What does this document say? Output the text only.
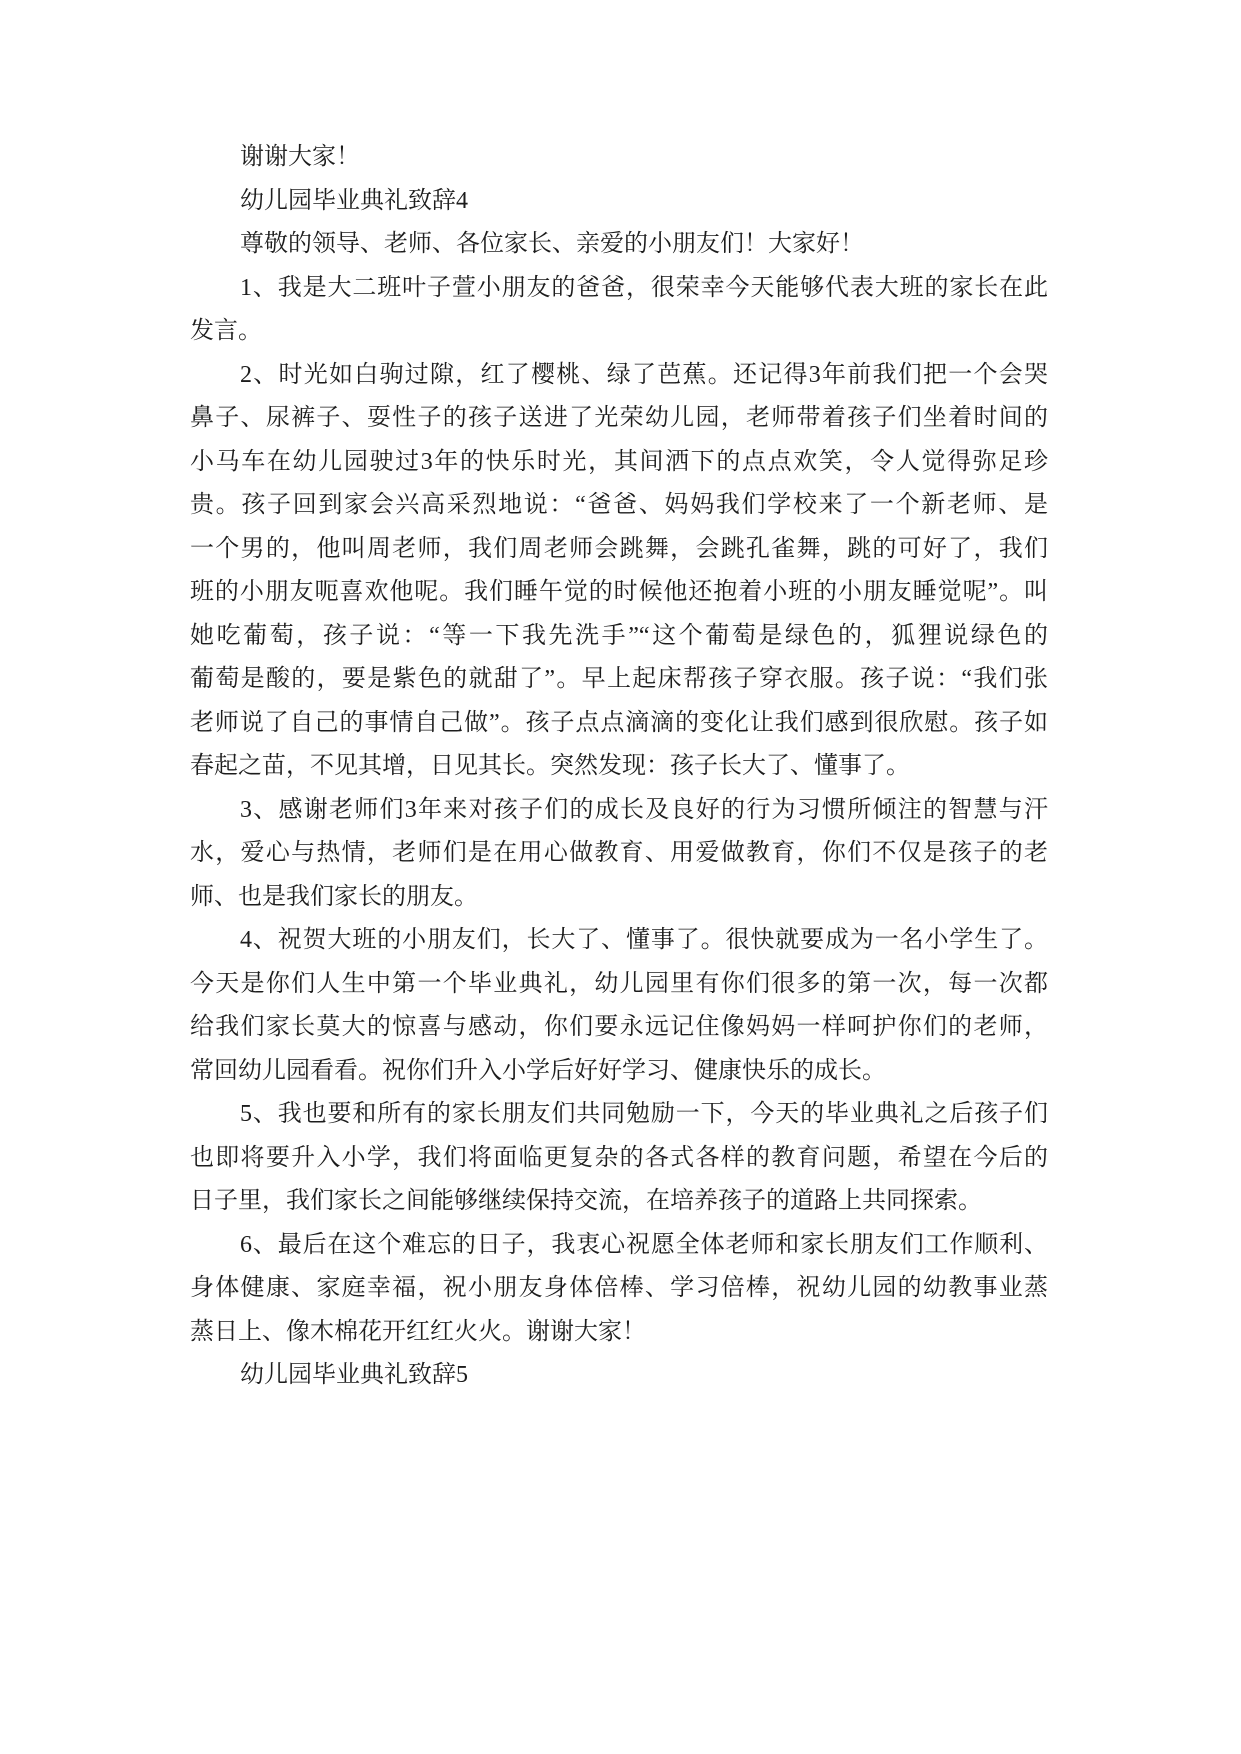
谢谢大家！
幼儿园毕业典礼致辞4
尊敬的领导、老师、各位家长、亲爱的小朋友们！大家好！
1、我是大二班叶子萱小朋友的爸爸，很荣幸今天能够代表大班的家长在此
发言。
2、时光如白驹过隙，红了樱桃、绿了芭蕉。还记得3年前我们把一个会哭
鼻子、尿裤子、耍性子的孩子送进了光荣幼儿园，老师带着孩子们坐着时间的
小马车在幼儿园驶过3年的快乐时光，其间洒下的点点欢笑，令人觉得弥足珍
贵。孩子回到家会兴高采烈地说：“爸爸、妈妈我们学校来了一个新老师、是
一个男的，他叫周老师，我们周老师会跳舞，会跳孔雀舞，跳的可好了，我们
班的小朋友呃喜欢他呢。我们睡午觉的时候他还抱着小班的小朋友睡觉呢”。叫
她吃葡萄，孩子说：“等一下我先洗手”“这个葡萄是绿色的，狐狸说绿色的
葡萄是酸的，要是紫色的就甜了”。早上起床帮孩子穿衣服。孩子说：“我们张
老师说了自己的事情自己做”。孩子点点滴滴的变化让我们感到很欣慰。孩子如
春起之苗，不见其增，日见其长。突然发现：孩子长大了、懂事了。
3、感谢老师们3年来对孩子们的成长及良好的行为习惯所倾注的智慧与汗
水，爱心与热情，老师们是在用心做教育、用爱做教育，你们不仅是孩子的老
师、也是我们家长的朋友。
4、祝贺大班的小朋友们，长大了、懂事了。很快就要成为一名小学生了。
今天是你们人生中第一个毕业典礼，幼儿园里有你们很多的第一次，每一次都
给我们家长莫大的惊喜与感动，你们要永远记住像妈妈一样呵护你们的老师，
常回幼儿园看看。祝你们升入小学后好好学习、健康快乐的成长。
5、我也要和所有的家长朋友们共同勉励一下，今天的毕业典礼之后孩子们
也即将要升入小学，我们将面临更复杂的各式各样的教育问题，希望在今后的
日子里，我们家长之间能够继续保持交流，在培养孩子的道路上共同探索。
6、最后在这个难忘的日子，我衷心祝愿全体老师和家长朋友们工作顺利、
身体健康、家庭幸福，祝小朋友身体倍棒、学习倍棒，祝幼儿园的幼教事业蒸
蒸日上、像木棉花开红红火火。谢谢大家！
幼儿园毕业典礼致辞5
